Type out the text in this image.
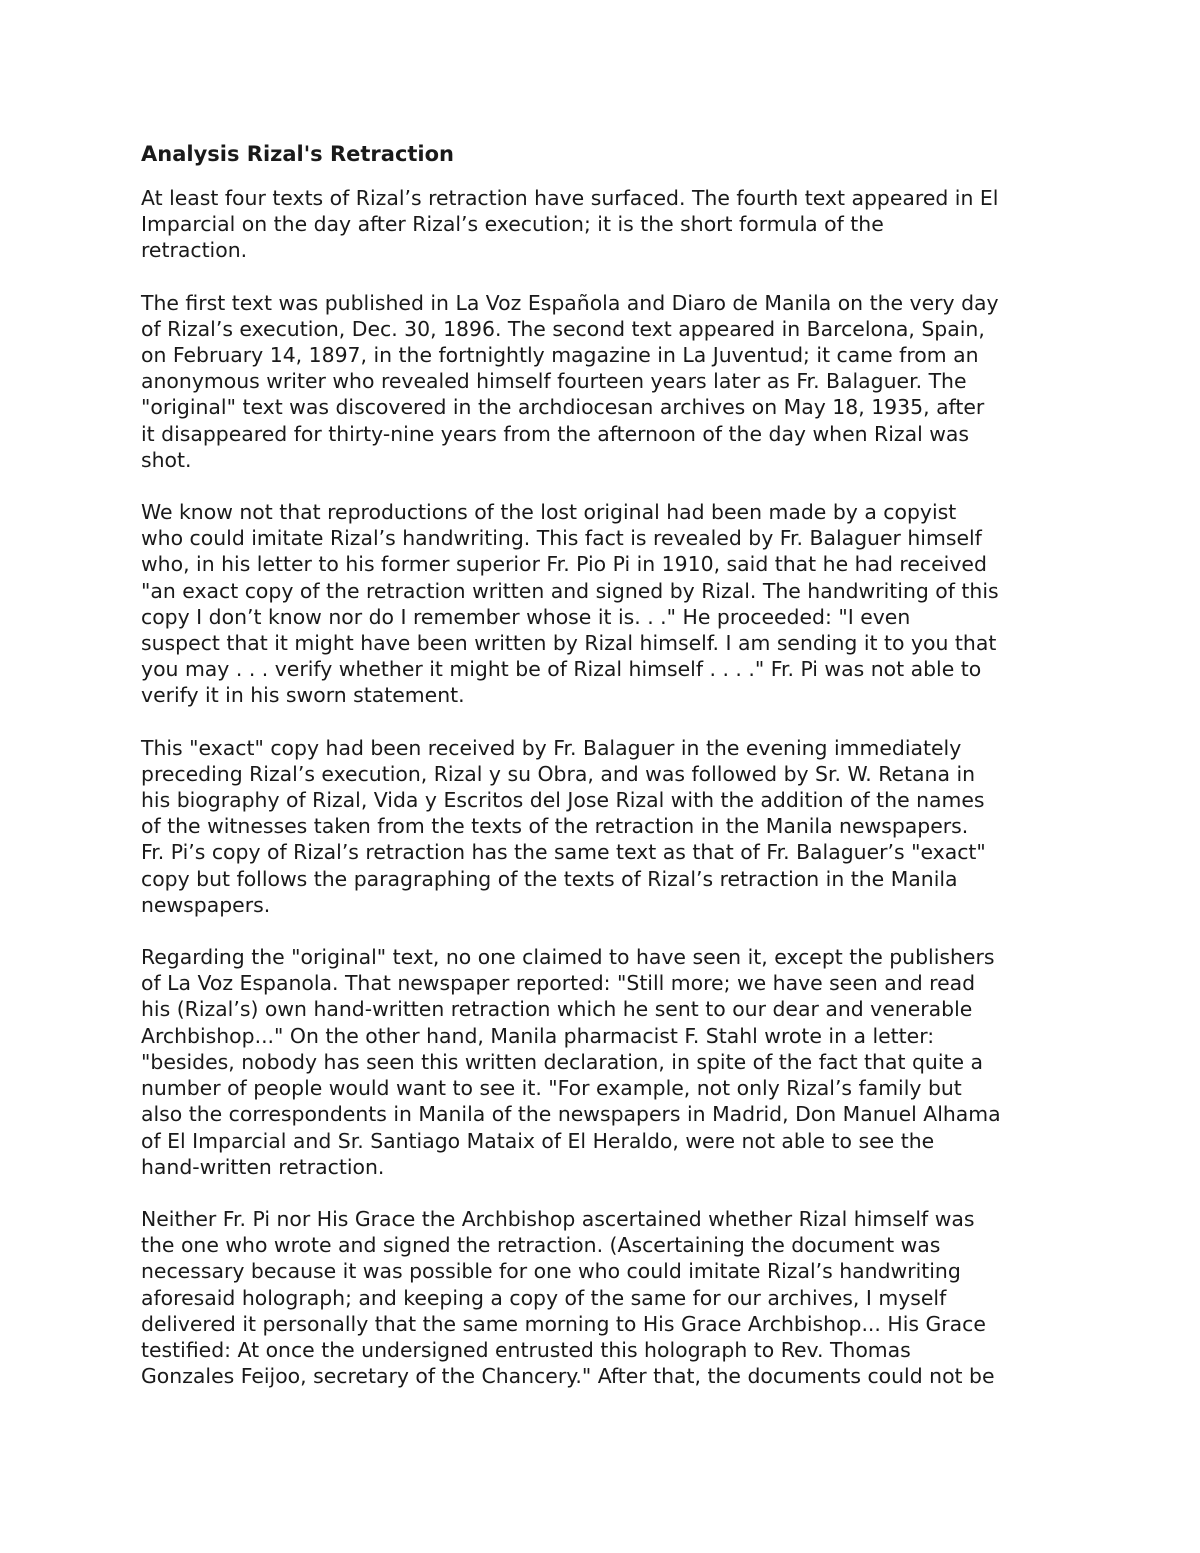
Analysis Rizal's Retraction

At least four texts of Rizal’s retraction have surfaced. The fourth text appeared in El
Imparcial on the day after Rizal’s execution; it is the short formula of the
retraction.

The first text was published in La Voz Española and Diaro de Manila on the very day
of Rizal’s execution, Dec. 30, 1896. The second text appeared in Barcelona, Spain,
on February 14, 1897, in the fortnightly magazine in La Juventud; it came from an
anonymous writer who revealed himself fourteen years later as Fr. Balaguer. The
"original" text was discovered in the archdiocesan archives on May 18, 1935, after
it disappeared for thirty-nine years from the afternoon of the day when Rizal was
shot.

We know not that reproductions of the lost original had been made by a copyist
who could imitate Rizal’s handwriting. This fact is revealed by Fr. Balaguer himself
who, in his letter to his former superior Fr. Pio Pi in 1910, said that he had received
"an exact copy of the retraction written and signed by Rizal. The handwriting of this
copy I don’t know nor do I remember whose it is. . ." He proceeded: "I even
suspect that it might have been written by Rizal himself. I am sending it to you that
you may . . . verify whether it might be of Rizal himself . . . ." Fr. Pi was not able to
verify it in his sworn statement.

This "exact" copy had been received by Fr. Balaguer in the evening immediately
preceding Rizal’s execution, Rizal y su Obra, and was followed by Sr. W. Retana in
his biography of Rizal, Vida y Escritos del Jose Rizal with the addition of the names
of the witnesses taken from the texts of the retraction in the Manila newspapers.
Fr. Pi’s copy of Rizal’s retraction has the same text as that of Fr. Balaguer’s "exact"
copy but follows the paragraphing of the texts of Rizal’s retraction in the Manila
newspapers.

Regarding the "original" text, no one claimed to have seen it, except the publishers
of La Voz Espanola. That newspaper reported: "Still more; we have seen and read
his (Rizal’s) own hand-written retraction which he sent to our dear and venerable
Archbishop..." On the other hand, Manila pharmacist F. Stahl wrote in a letter:
"besides, nobody has seen this written declaration, in spite of the fact that quite a
number of people would want to see it. "For example, not only Rizal’s family but
also the correspondents in Manila of the newspapers in Madrid, Don Manuel Alhama
of El Imparcial and Sr. Santiago Mataix of El Heraldo, were not able to see the
hand-written retraction.

Neither Fr. Pi nor His Grace the Archbishop ascertained whether Rizal himself was
the one who wrote and signed the retraction. (Ascertaining the document was
necessary because it was possible for one who could imitate Rizal’s handwriting
aforesaid holograph; and keeping a copy of the same for our archives, I myself
delivered it personally that the same morning to His Grace Archbishop... His Grace
testified: At once the undersigned entrusted this holograph to Rev. Thomas
Gonzales Feijoo, secretary of the Chancery." After that, the documents could not be
